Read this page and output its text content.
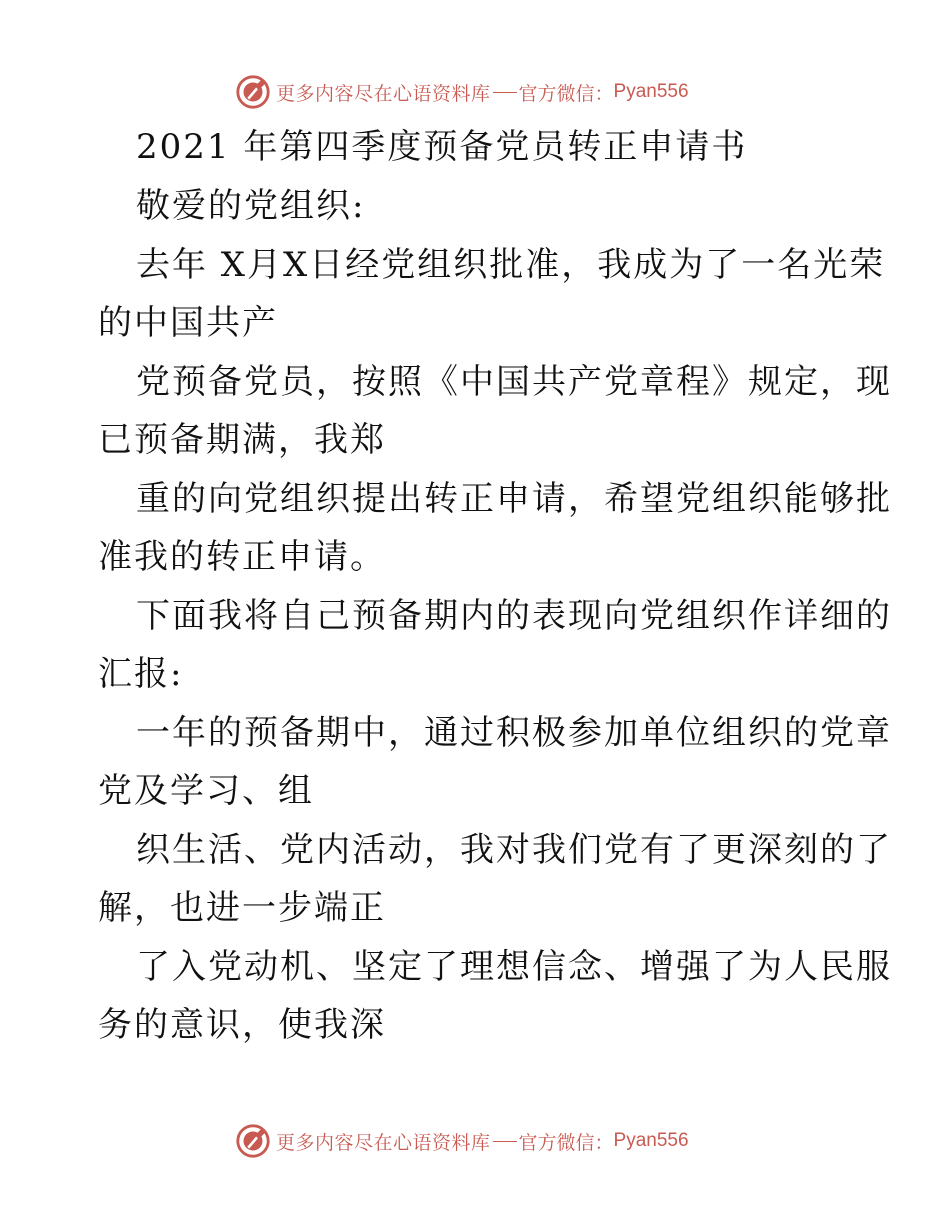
更多内容尽在心语资料库 官方微信： Pyan556
2021 年第四季度预备党员转正申请书
敬爱的党组织:
去年 X月X日经党组织批准，我成为了一名光荣
的中国共产
党预备党员，按照《中国共产党章程》规定，现
已预备期满，我郑
重的向党组织提出转正申请，希望党组织能够批
准我的转正申请。
下面我将自己预备期内的表现向党组织作详细的
汇报:
一年的预备期中，通过积极参加单位组织的党章
党及学习、组
织生活、党内活动，我对我们党有了更深刻的了
解，也进一步端正
了入党动机、坚定了理想信念、增强了为人民服
务的意识，使我深
更多内容尽在心语资料库 官方微信： Pyan556
